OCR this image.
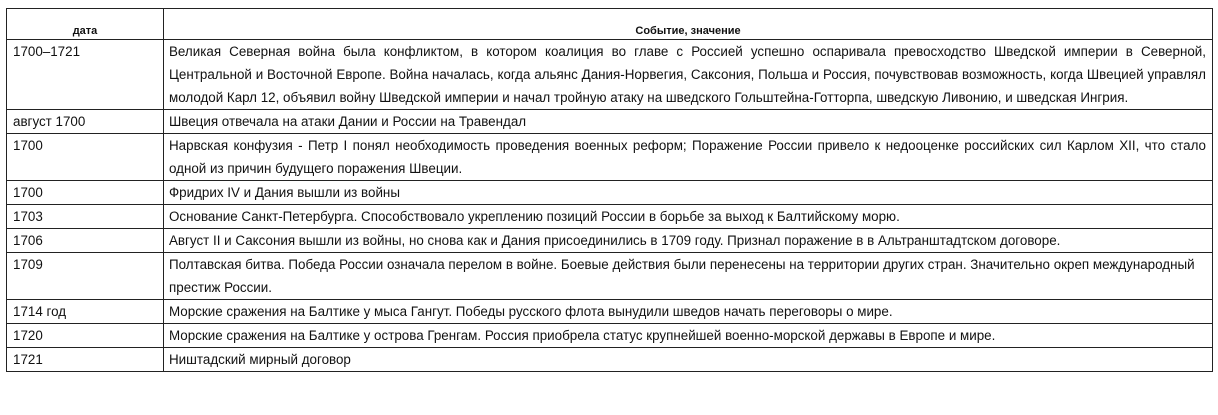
дата	Событие, значение
1700–1721	Великая Северная война была конфликтом, в котором коалиция во главе с Россией успешно оспаривала превосходство Шведской империи в Северной, Центральной и Восточной Европе. Война началась, когда альянс Дания-Норвегия, Саксония, Польша и Россия, почувствовав возможность, когда Швецией управлял молодой Карл 12, объявил войну Шведской империи и начал тройную атаку на шведского Гольштейна-Готторпа, шведскую Ливонию, и шведская Ингрия.
август 1700	Швеция отвечала на атаки Дании и России на Травендал
1700	Нарвская конфузия - Петр I понял необходимость проведения военных реформ; Поражение России привело к недооценке российских сил Карлом XII, что стало одной из причин будущего поражения Швеции.
1700	Фридрих IV и Дания вышли из войны
1703	Основание Санкт-Петербурга. Способствовало укреплению позиций России в борьбе за выход к Балтийскому морю.
1706	Август II и Саксония вышли из войны, но снова как и Дания присоединились в 1709 году. Признал поражение в в Альтранштадтском договоре.
1709	Полтавская битва. Победа России означала перелом в войне. Боевые действия были перенесены на территории других стран. Значительно окреп международный престиж России.
1714 год	Морские сражения на Балтике у мыса Гангут. Победы русского флота вынудили шведов начать переговоры о мире.
1720	Морские сражения на Балтике у острова Гренгам. Россия приобрела статус крупнейшей военно-морской державы в Европе и мире.
1721	Ништадский мирный договор
